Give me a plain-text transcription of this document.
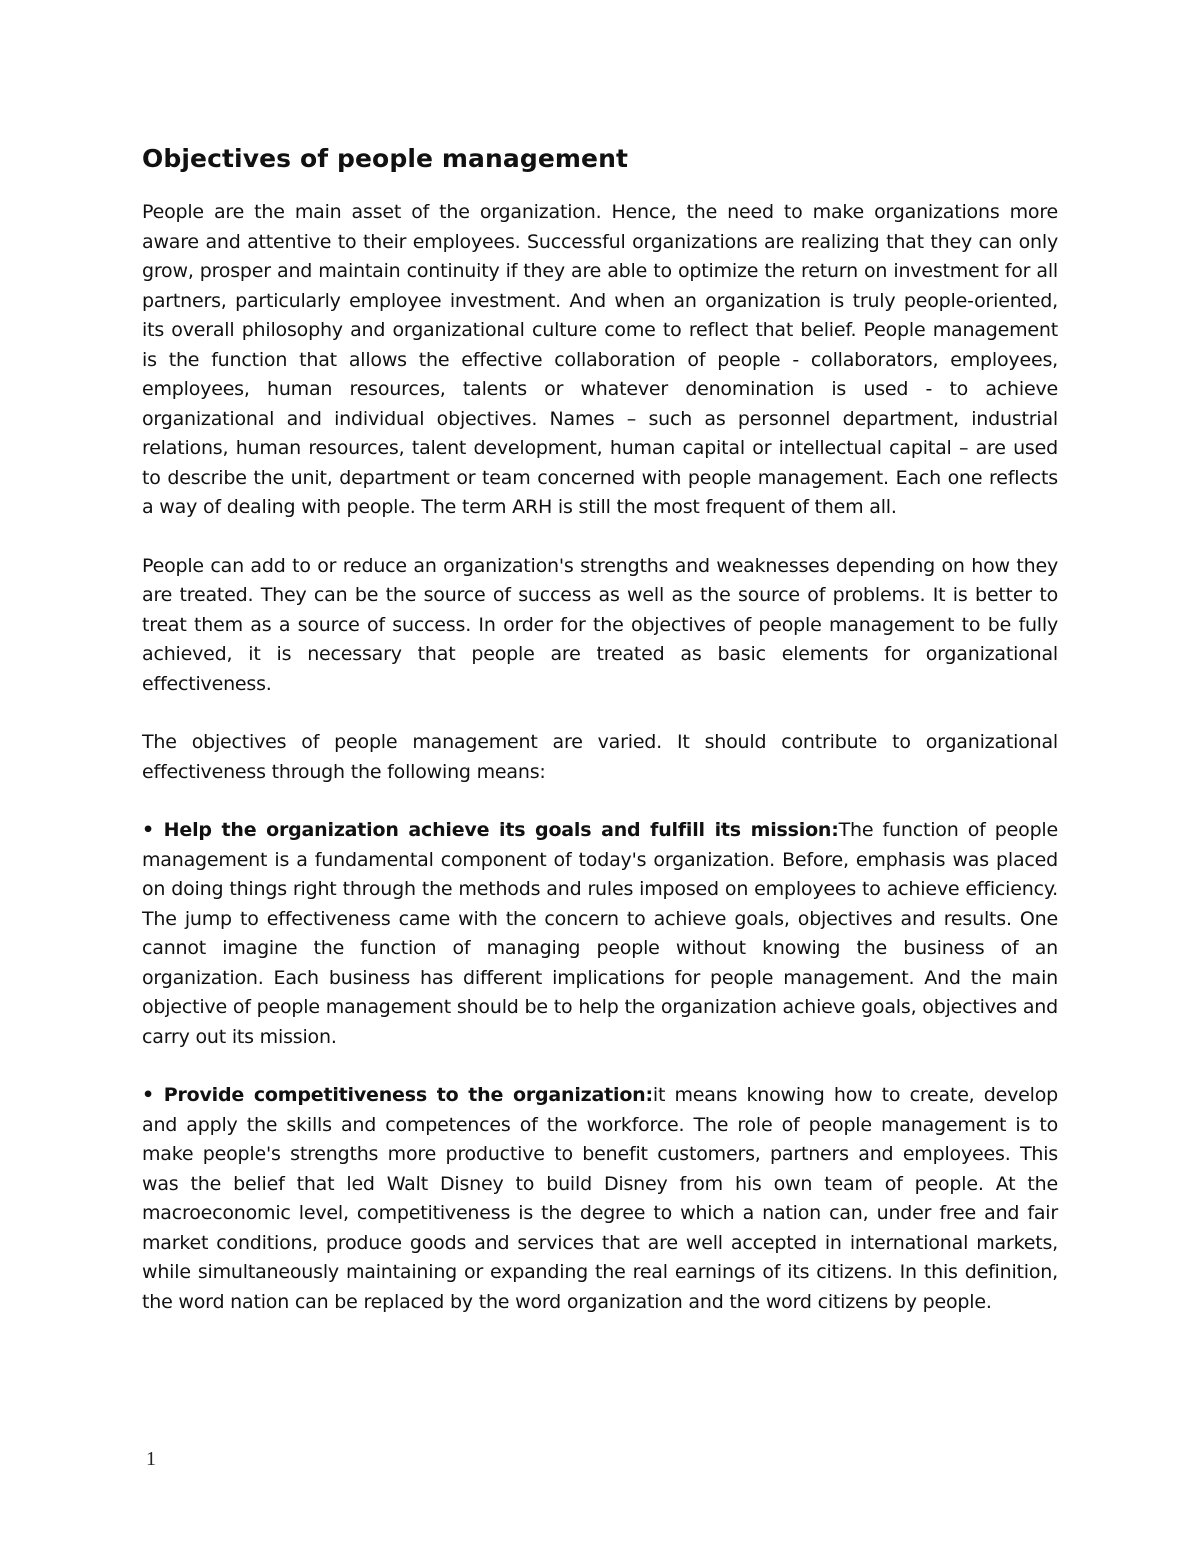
Objectives of people management

People are the main asset of the organization. Hence, the need to make organizations more aware and attentive to their employees. Successful organizations are realizing that they can only grow, prosper and maintain continuity if they are able to optimize the return on investment for all partners, particularly employee investment. And when an organization is truly people-oriented, its overall philosophy and organizational culture come to reflect that belief. People management is the function that allows the effective collaboration of people - collaborators, employees, employees, human resources, talents or whatever denomination is used - to achieve organizational and individual objectives. Names – such as personnel department, industrial relations, human resources, talent development, human capital or intellectual capital – are used to describe the unit, department or team concerned with people management. Each one reflects a way of dealing with people. The term ARH is still the most frequent of them all.

People can add to or reduce an organization's strengths and weaknesses depending on how they are treated. They can be the source of success as well as the source of problems. It is better to treat them as a source of success. In order for the objectives of people management to be fully achieved, it is necessary that people are treated as basic elements for organizational effectiveness.

The objectives of people management are varied. It should contribute to organizational effectiveness through the following means:

• Help the organization achieve its goals and fulfill its mission:The function of people management is a fundamental component of today's organization. Before, emphasis was placed on doing things right through the methods and rules imposed on employees to achieve efficiency. The jump to effectiveness came with the concern to achieve goals, objectives and results. One cannot imagine the function of managing people without knowing the business of an organization. Each business has different implications for people management. And the main objective of people management should be to help the organization achieve goals, objectives and carry out its mission.

• Provide competitiveness to the organization:it means knowing how to create, develop and apply the skills and competences of the workforce. The role of people management is to make people's strengths more productive to benefit customers, partners and employees. This was the belief that led Walt Disney to build Disney from his own team of people. At the macroeconomic level, competitiveness is the degree to which a nation can, under free and fair market conditions, produce goods and services that are well accepted in international markets, while simultaneously maintaining or expanding the real earnings of its citizens. In this definition, the word nation can be replaced by the word organization and the word citizens by people.

1
